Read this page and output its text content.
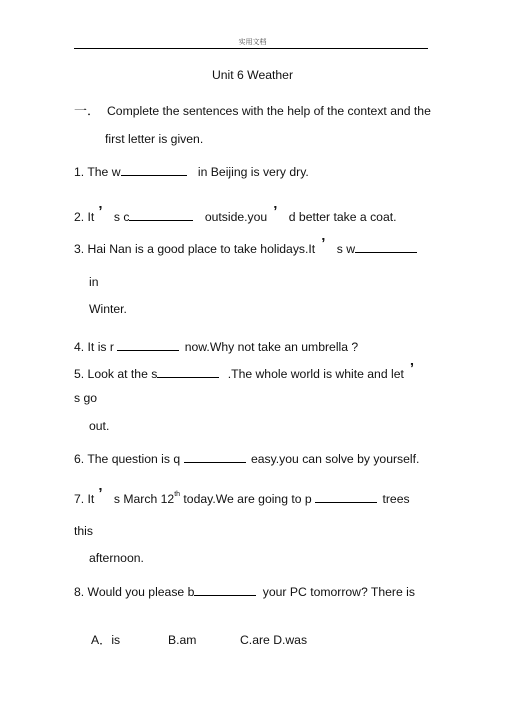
实用文档
Unit 6 Weather
一． Complete the sentences with the help of the context and the
first letter is given.
1. The w	in Beijing is very dry.
2. It ’ s c	outside.you ’ d better take a coat.
3. Hai Nan is a good place to take holidays.It ’ s w
in
Winter.
4. It is r	now.Why not take an umbrella ?
5. Look at the s	.The whole world is white and let ’
s go
out.
6. The question is q	easy.you can solve by yourself.
7. It ’ s March 12th today.We are going to p	trees
this
afternoon.
8. Would you please b	your PC tomorrow? There is
A．is	B.am	C.are D.was
